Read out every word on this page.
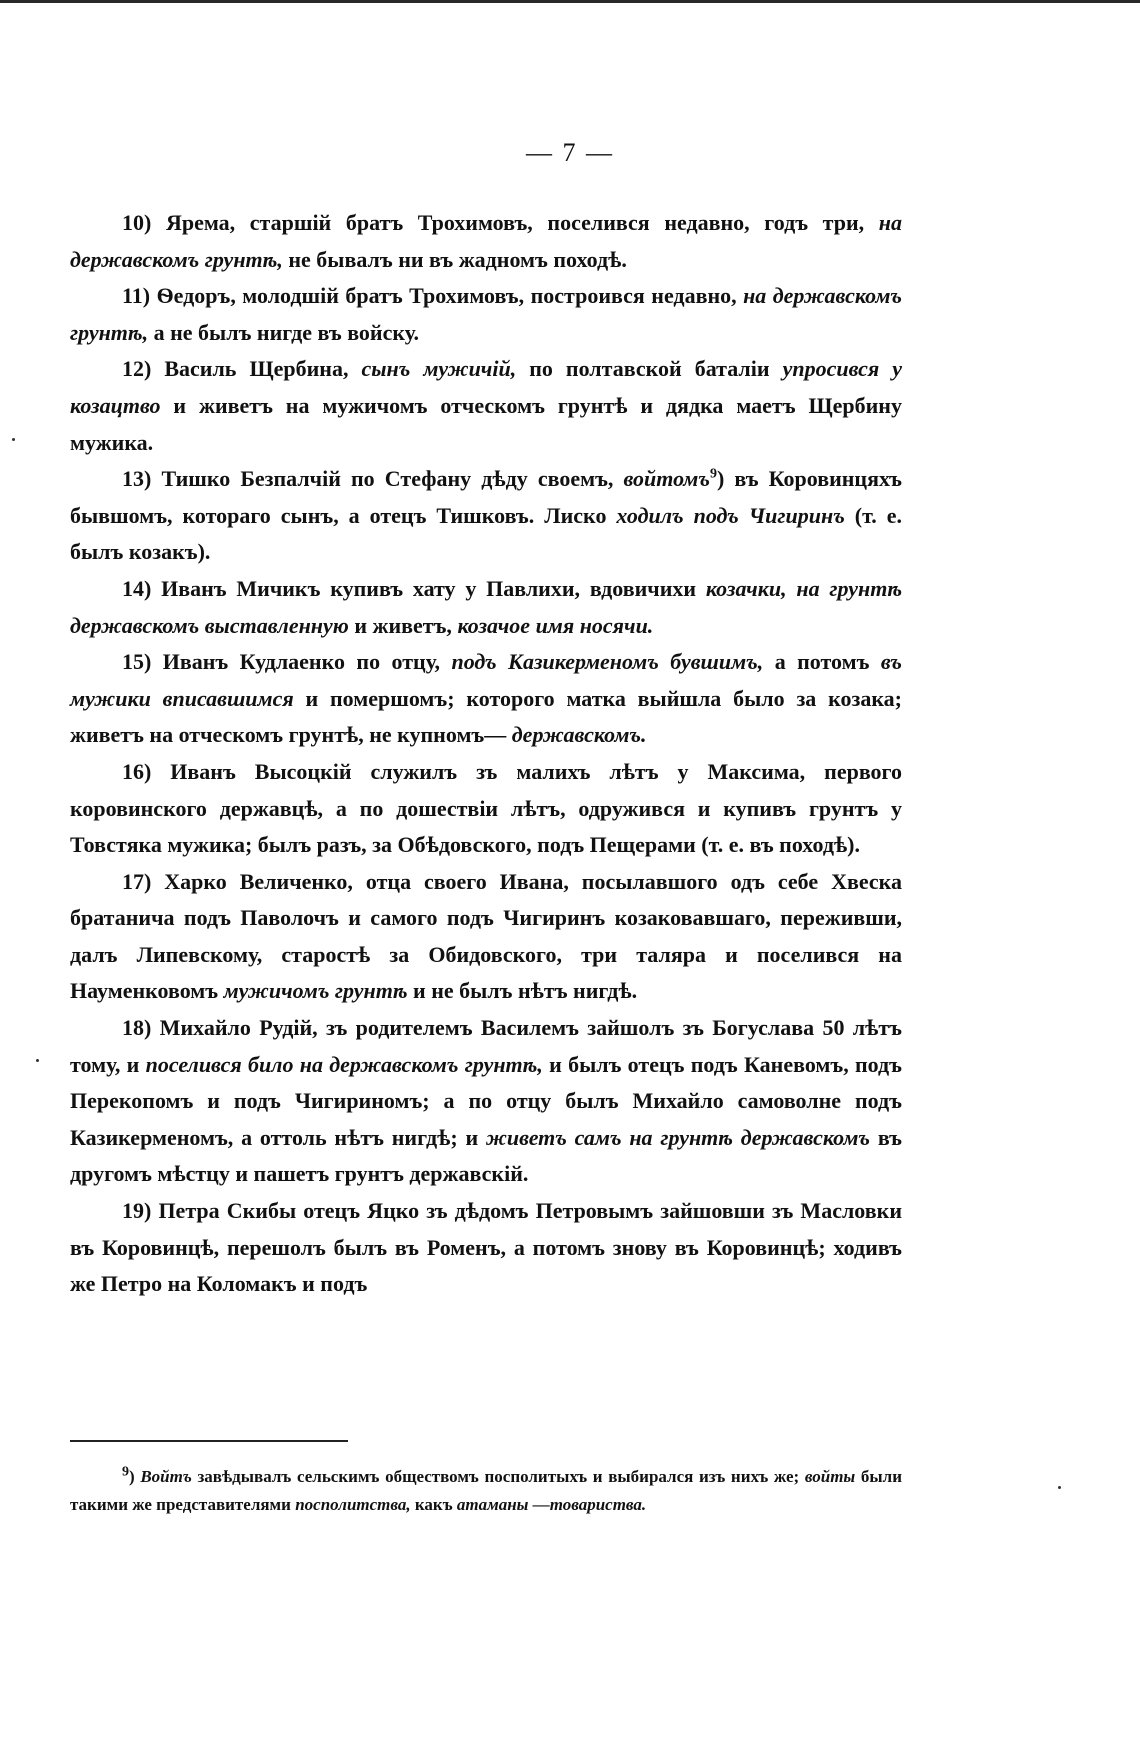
— 7 —

10) Ярема, старшій братъ Трохимовъ, поселився недавно, годъ три, на державскомъ грунтѣ, не бывалъ ни въ жадномъ походѣ.

11) Ѳедоръ, молодшій братъ Трохимовъ, построився недавно, на державскомъ грунтѣ, а не былъ нигде въ войску.

12) Василь Щербина, сынъ мужичій, по полтавской баталіи упросився у козацтво и живетъ на мужичомъ отческомъ грунтѣ и дядка маетъ Щербину мужика.

13) Тишко Безпалчій по Стефану дѣду своемъ, войтомъ$^9$) въ Коровинцяхъ бывшомъ, котораго сынъ, а отецъ Тишковъ. Лиско ходилъ подъ Чигиринъ (т. е. былъ козакъ).

14) Иванъ Мичикъ купивъ хату у Павлихи, вдовичихи козачки, на грунтѣ державскомъ выставленную и живетъ, козачое имя носячи.

15) Иванъ Кудлаенко по отцу, подъ Казикерменомъ бувшимъ, а потомъ въ мужики вписавшимся и помершомъ; которого матка выйшла было за козака; живетъ на отческомъ грунтѣ, не купномъ— державскомъ.

16) Иванъ Высоцкій служилъ зъ малихъ лѣтъ у Максима, первого коровинского державцѣ, а по дошествіи лѣтъ, одружився и купивъ грунтъ у Товстяка мужика; былъ разъ, за Обѣдовского, подъ Пещерами (т. е. въ походѣ).

17) Харко Величенко, отца своего Ивана, посылавшого одъ себе Хвеска братанича подъ Паволочъ и самого подъ Чигиринъ козаковавшаго, переживши, далъ Липевскому, старостѣ за Обидовского, три таляра и поселився на Науменковомъ мужичомъ грунтѣ и не былъ нѣтъ нигдѣ.

18) Михайло Рудій, зъ родителемъ Василемъ зайшолъ зъ Богуслава 50 лѣтъ тому, и поселився било на державскомъ грунтѣ, и былъ отецъ подъ Каневомъ, подъ Перекопомъ и подъ Чигириномъ; а по отцу былъ Михайло самоволне подъ Казикерменомъ, а оттоль нѣтъ нигдѣ; и живетъ самъ на грунтѣ державскомъ въ другомъ мѣстцу и пашетъ грунтъ державскій.

19) Петра Скибы отецъ Яцко зъ дѣдомъ Петровымъ зайшовши зъ Масловки въ Коровинцѣ, перешолъ былъ въ Роменъ, а потомъ знову въ Коровинцѣ; ходивъ же Петро на Коломакъ и подъ

$^9$) Войтъ завѣдывалъ сельскимъ обществомъ посполитыхъ и выбирался изъ нихъ же; войты были такими же представителями посполитства, какъ атаманы —товариства.
